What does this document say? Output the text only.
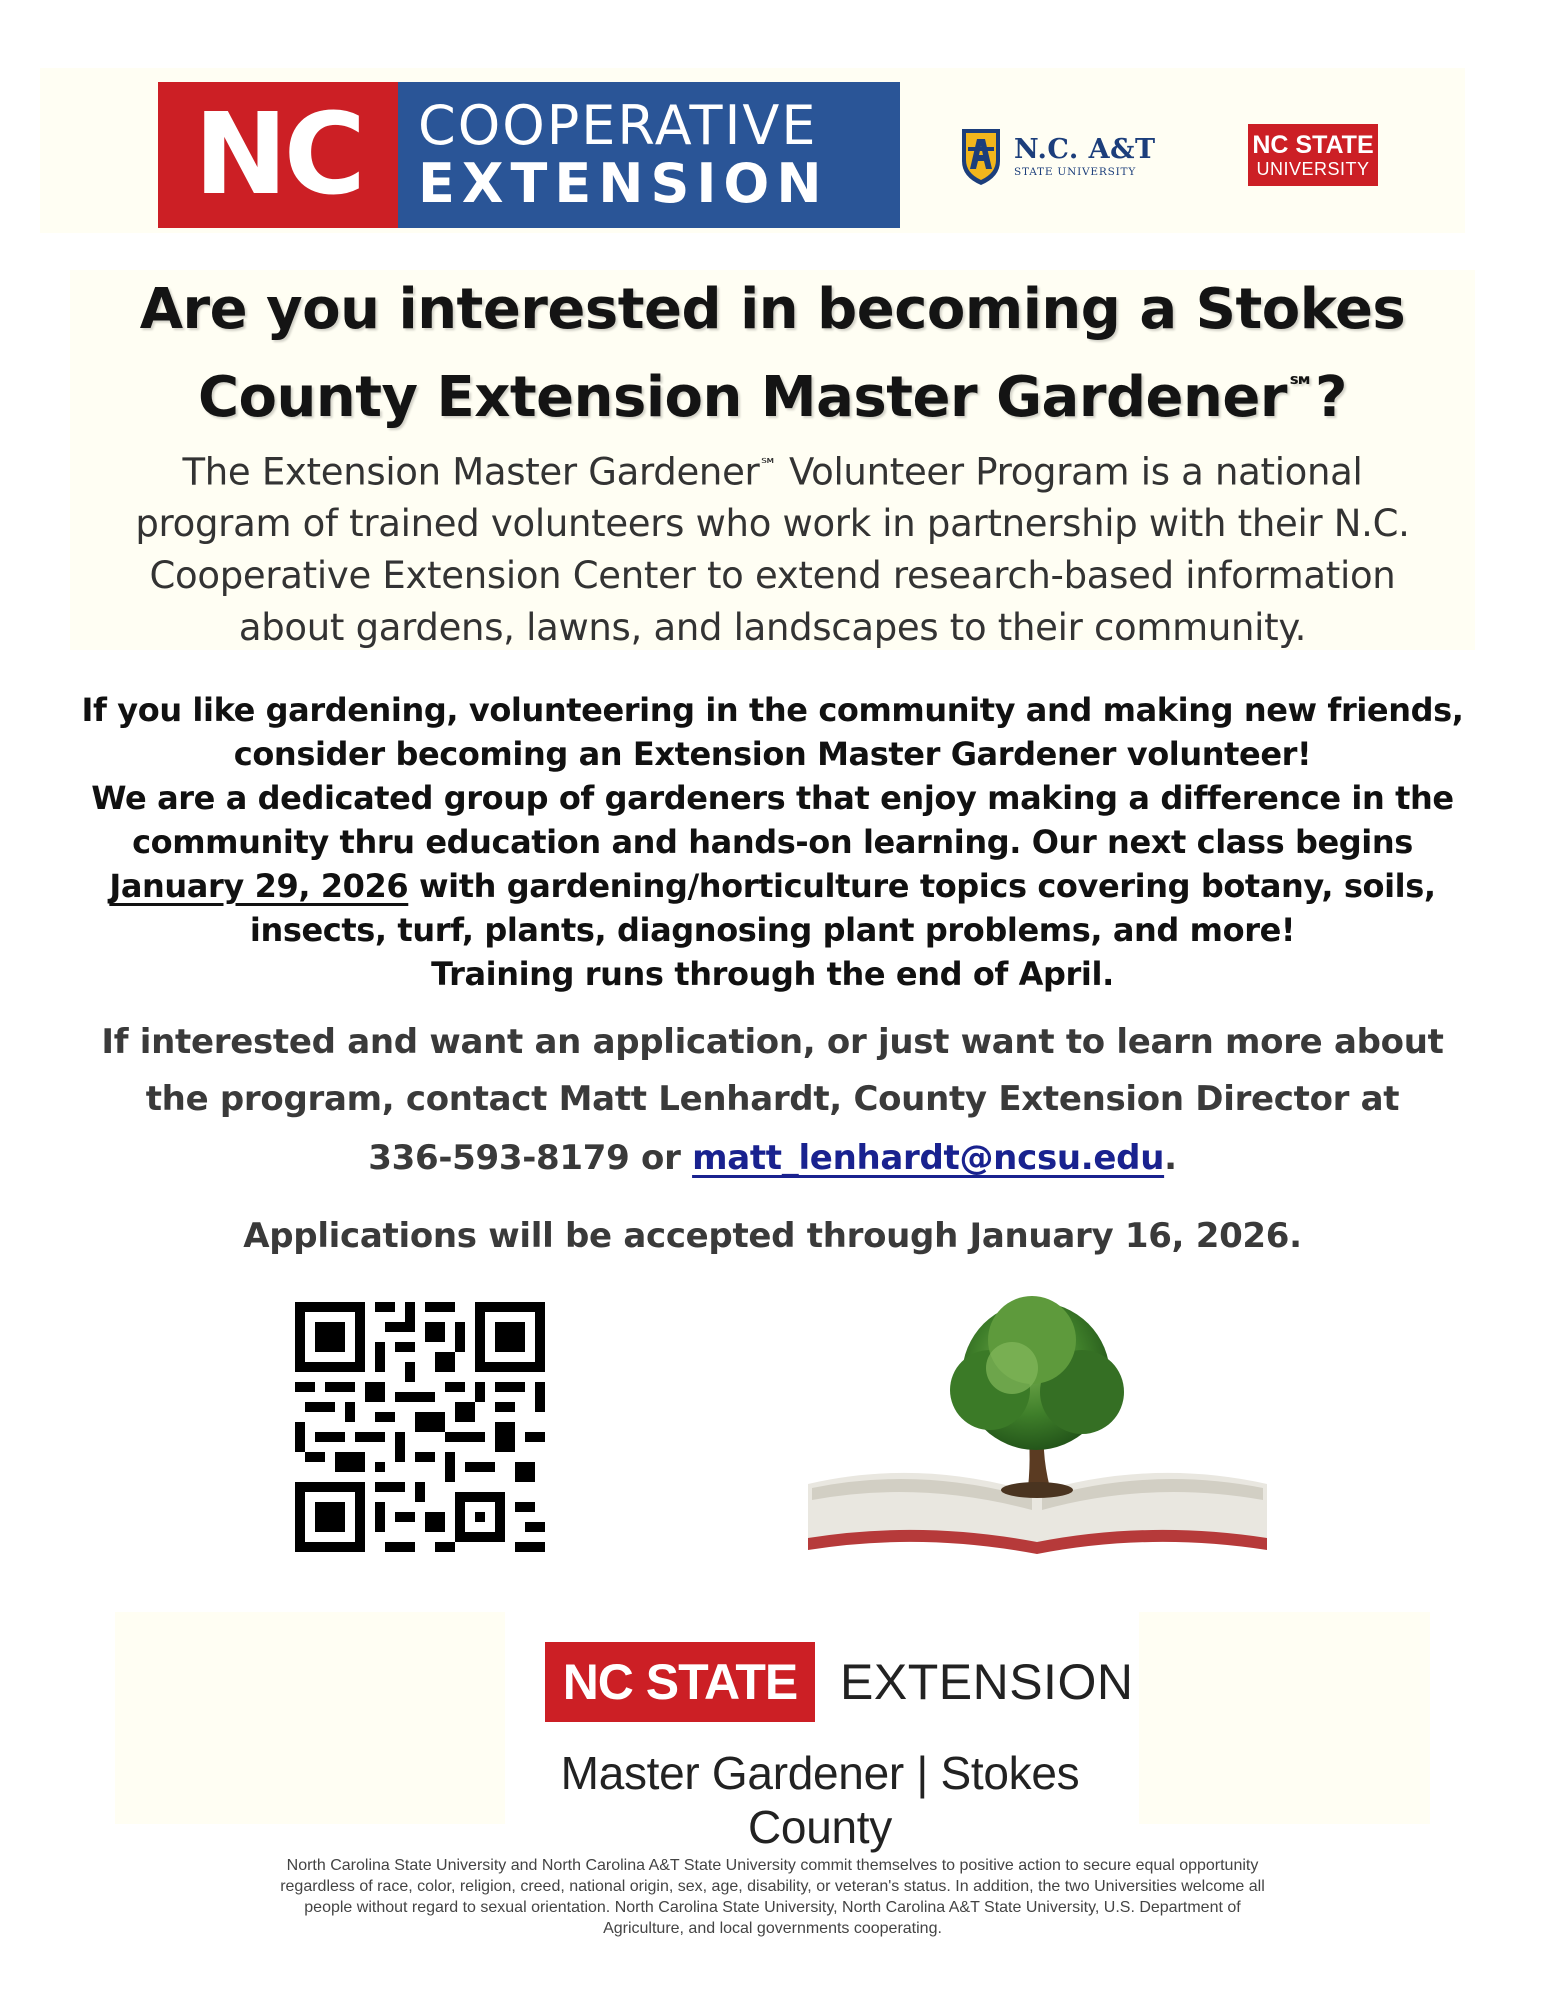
NC	COOPERATIVE
EXTENSION
N.C. A&T
STATE UNIVERSITY
NC STATE
UNIVERSITY
Are you interested in becoming a Stokes
County Extension Master Gardener℠?
The Extension Master Gardener℠ Volunteer Program is a national
program of trained volunteers who work in partnership with their N.C.
Cooperative Extension Center to extend research-based information
about gardens, lawns, and landscapes to their community.
If you like gardening, volunteering in the community and making new friends,
consider becoming an Extension Master Gardener volunteer!
We are a dedicated group of gardeners that enjoy making a difference in the
community thru education and hands-on learning. Our next class begins
January 29, 2026 with gardening/horticulture topics covering botany, soils,
insects, turf, plants, diagnosing plant problems, and more!
Training runs through the end of April.
If interested and want an application, or just want to learn more about
the program, contact Matt Lenhardt, County Extension Director at
336-593-8179 or matt_lenhardt@ncsu.edu.
Applications will be accepted through January 16, 2026.
NC STATE EXTENSION
Master Gardener | Stokes County
North Carolina State University and North Carolina A&T State University commit themselves to positive action to secure equal opportunity
regardless of race, color, religion, creed, national origin, sex, age, disability, or veteran's status. In addition, the two Universities welcome all
people without regard to sexual orientation. North Carolina State University, North Carolina A&T State University, U.S. Department of
Agriculture, and local governments cooperating.
